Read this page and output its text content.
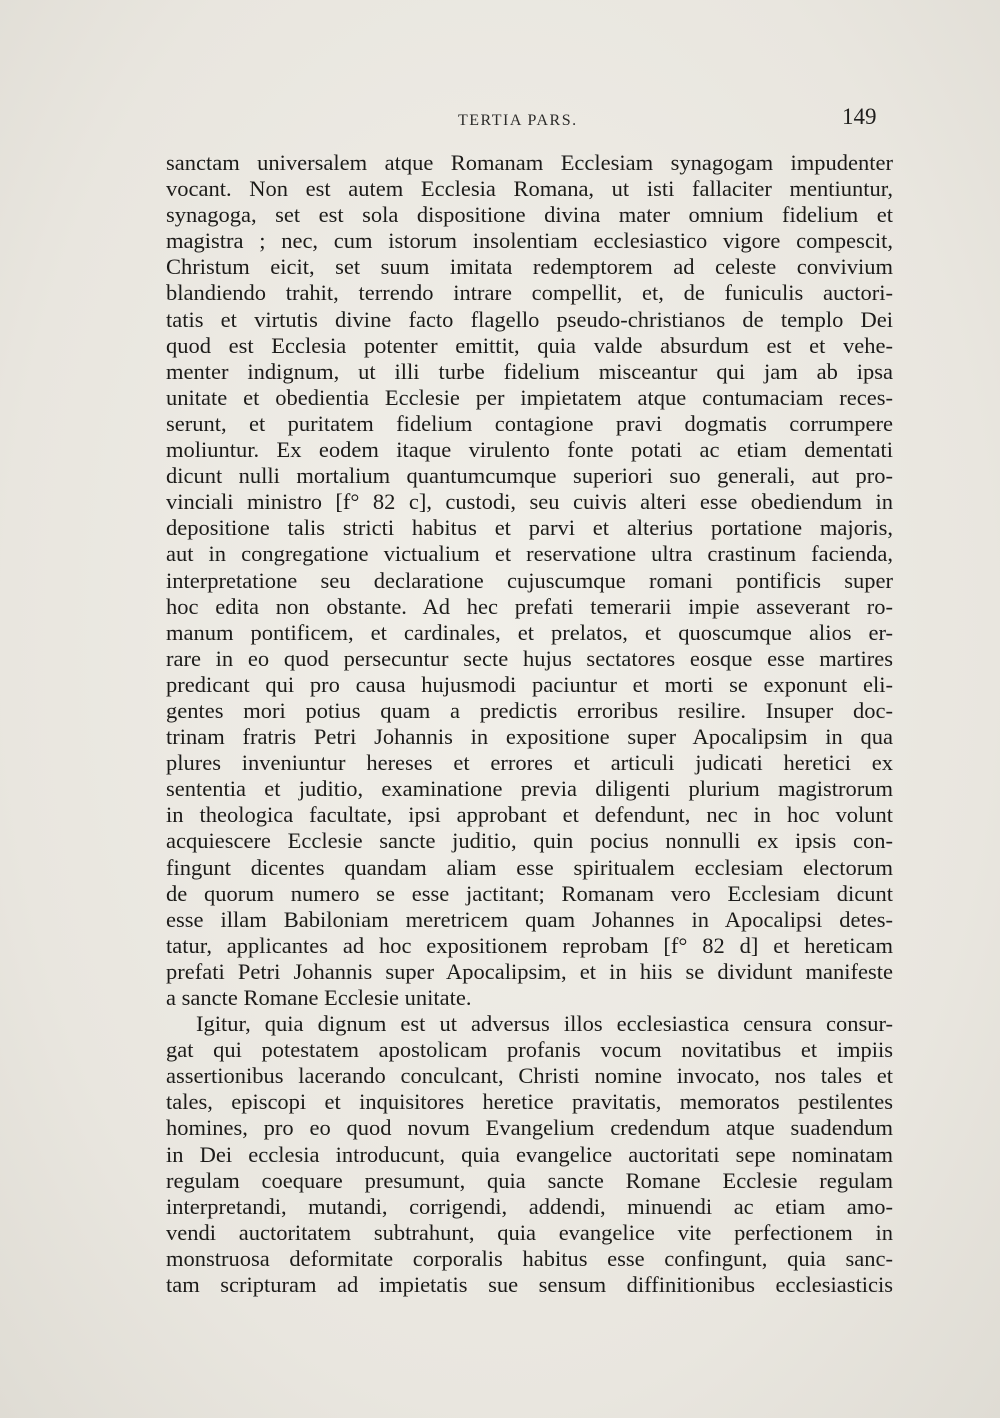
TERTIA PARS.	149
sanctam universalem atque Romanam Ecclesiam synagogam impudenter
vocant. Non est autem Ecclesia Romana, ut isti fallaciter mentiuntur,
synagoga, set est sola dispositione divina mater omnium fidelium et
magistra ; nec, cum istorum insolentiam ecclesiastico vigore compescit,
Christum eicit, set suum imitata redemptorem ad celeste convivium
blandiendo trahit, terrendo intrare compellit, et, de funiculis auctori-
tatis et virtutis divine facto flagello pseudo-christianos de templo Dei
quod est Ecclesia potenter emittit, quia valde absurdum est et vehe-
menter indignum, ut illi turbe fidelium misceantur qui jam ab ipsa
unitate et obedientia Ecclesie per impietatem atque contumaciam reces-
serunt, et puritatem fidelium contagione pravi dogmatis corrumpere
moliuntur. Ex eodem itaque virulento fonte potati ac etiam dementati
dicunt nulli mortalium quantumcumque superiori suo generali, aut pro-
vinciali ministro [f° 82 c], custodi, seu cuivis alteri esse obediendum in
depositione talis stricti habitus et parvi et alterius portatione majoris,
aut in congregatione victualium et reservatione ultra crastinum facienda,
interpretatione seu declaratione cujuscumque romani pontificis super
hoc edita non obstante. Ad hec prefati temerarii impie asseverant ro-
manum pontificem, et cardinales, et prelatos, et quoscumque alios er-
rare in eo quod persecuntur secte hujus sectatores eosque esse martires
predicant qui pro causa hujusmodi paciuntur et morti se exponunt eli-
gentes mori potius quam a predictis erroribus resilire. Insuper doc-
trinam fratris Petri Johannis in expositione super Apocalipsim in qua
plures inveniuntur hereses et errores et articuli judicati heretici ex
sententia et juditio, examinatione previa diligenti plurium magistrorum
in theologica facultate, ipsi approbant et defendunt, nec in hoc volunt
acquiescere Ecclesie sancte juditio, quin pocius nonnulli ex ipsis con-
fingunt dicentes quandam aliam esse spiritualem ecclesiam electorum
de quorum numero se esse jactitant; Romanam vero Ecclesiam dicunt
esse illam Babiloniam meretricem quam Johannes in Apocalipsi detes-
tatur, applicantes ad hoc expositionem reprobam [f° 82 d] et hereticam
prefati Petri Johannis super Apocalipsim, et in hiis se dividunt manifeste
a sancte Romane Ecclesie unitate.
Igitur, quia dignum est ut adversus illos ecclesiastica censura consur-
gat qui potestatem apostolicam profanis vocum novitatibus et impiis
assertionibus lacerando conculcant, Christi nomine invocato, nos tales et
tales, episcopi et inquisitores heretice pravitatis, memoratos pestilentes
homines, pro eo quod novum Evangelium credendum atque suadendum
in Dei ecclesia introducunt, quia evangelice auctoritati sepe nominatam
regulam coequare presumunt, quia sancte Romane Ecclesie regulam
interpretandi, mutandi, corrigendi, addendi, minuendi ac etiam amo-
vendi auctoritatem subtrahunt, quia evangelice vite perfectionem in
monstruosa deformitate corporalis habitus esse confingunt, quia sanc-
tam scripturam ad impietatis sue sensum diffinitionibus ecclesiasticis
